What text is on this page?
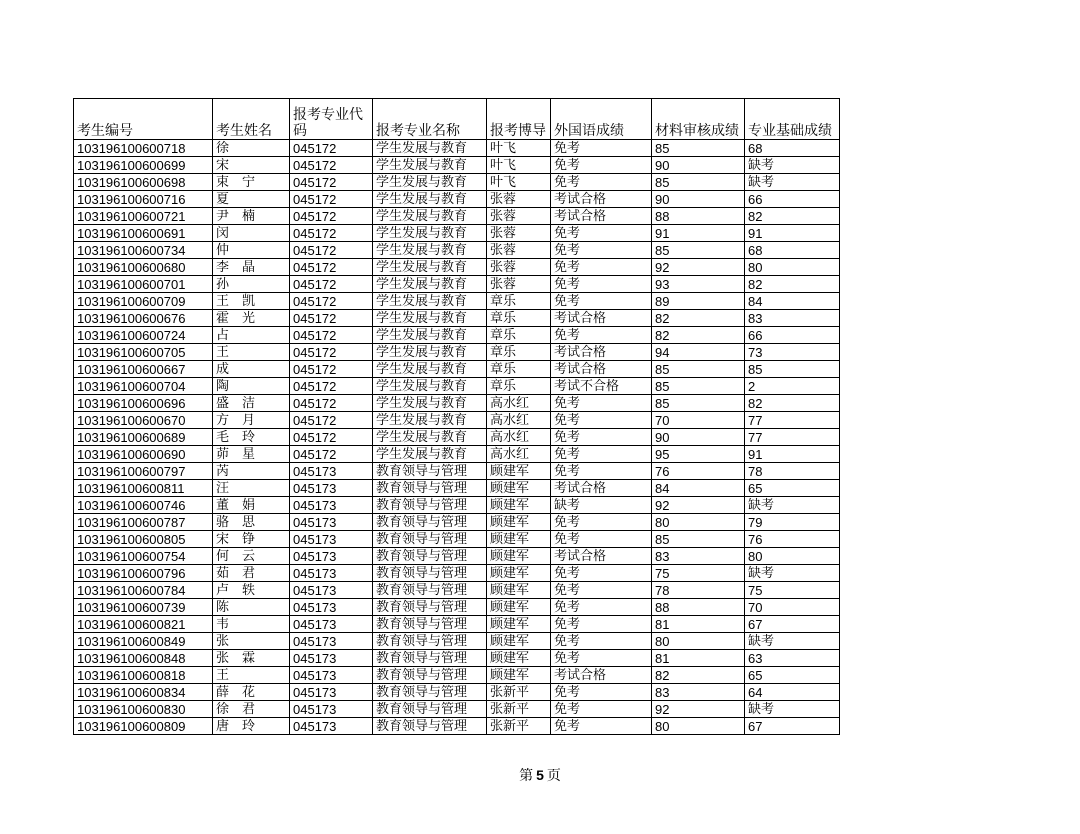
考生编号	考生姓名	报考专业代码	报考专业名称	报考博导	外国语成绩	材料审核成绩	专业基础成绩
103196100600718	徐	045172	学生发展与教育	叶飞	免考	85	68
103196100600699	宋	045172	学生发展与教育	叶飞	免考	90	缺考
103196100600698	束　宁	045172	学生发展与教育	叶飞	免考	85	缺考
103196100600716	夏	045172	学生发展与教育	张蓉	考试合格	90	66
103196100600721	尹　楠	045172	学生发展与教育	张蓉	考试合格	88	82
103196100600691	闵	045172	学生发展与教育	张蓉	免考	91	91
103196100600734	仲	045172	学生发展与教育	张蓉	免考	85	68
103196100600680	李　晶	045172	学生发展与教育	张蓉	免考	92	80
103196100600701	孙	045172	学生发展与教育	张蓉	免考	93	82
103196100600709	王　凯	045172	学生发展与教育	章乐	免考	89	84
103196100600676	霍　光	045172	学生发展与教育	章乐	考试合格	82	83
103196100600724	占	045172	学生发展与教育	章乐	免考	82	66
103196100600705	王	045172	学生发展与教育	章乐	考试合格	94	73
103196100600667	成	045172	学生发展与教育	章乐	考试合格	85	85
103196100600704	陶	045172	学生发展与教育	章乐	考试不合格	85	2
103196100600696	盛　洁	045172	学生发展与教育	高水红	免考	85	82
103196100600670	方　月	045172	学生发展与教育	高水红	免考	70	77
103196100600689	毛　玲	045172	学生发展与教育	高水红	免考	90	77
103196100600690	茆　星	045172	学生发展与教育	高水红	免考	95	91
103196100600797	芮	045173	教育领导与管理	顾建军	免考	76	78
103196100600811	汪	045173	教育领导与管理	顾建军	考试合格	84	65
103196100600746	董　娟	045173	教育领导与管理	顾建军	缺考	92	缺考
103196100600787	骆　思	045173	教育领导与管理	顾建军	免考	80	79
103196100600805	宋　铮	045173	教育领导与管理	顾建军	免考	85	76
103196100600754	何　云	045173	教育领导与管理	顾建军	考试合格	83	80
103196100600796	茹　君	045173	教育领导与管理	顾建军	免考	75	缺考
103196100600784	卢　轶	045173	教育领导与管理	顾建军	免考	78	75
103196100600739	陈	045173	教育领导与管理	顾建军	免考	88	70
103196100600821	韦	045173	教育领导与管理	顾建军	免考	81	67
103196100600849	张	045173	教育领导与管理	顾建军	免考	80	缺考
103196100600848	张　霖	045173	教育领导与管理	顾建军	免考	81	63
103196100600818	王	045173	教育领导与管理	顾建军	考试合格	82	65
103196100600834	薛　花	045173	教育领导与管理	张新平	免考	83	64
103196100600830	徐　君	045173	教育领导与管理	张新平	免考	92	缺考
103196100600809	唐　玲	045173	教育领导与管理	张新平	免考	80	67
第 5 页
